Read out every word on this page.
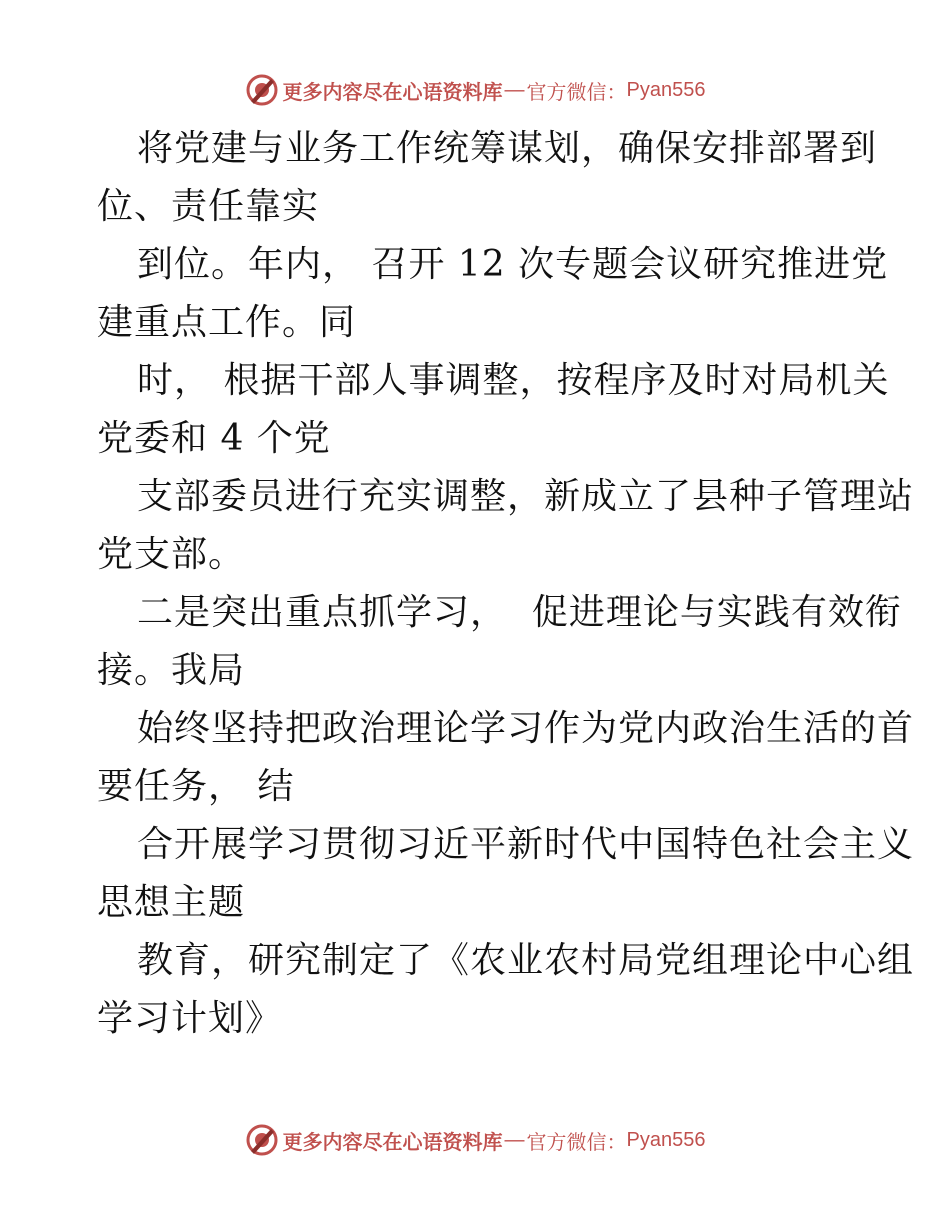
更多内容尽在心语资料库 — 官方微信： Pyan556
将党建与业务工作统筹谋划，确保安排部署到
位、责任靠实
到位。年内， 召开 12 次专题会议研究推进党
建重点工作。同
时， 根据干部人事调整，按程序及时对局机关
党委和 4 个党
支部委员进行充实调整，新成立了县种子管理站
党支部。
二是突出重点抓学习，  促进理论与实践有效衔
接。我局
始终坚持把政治理论学习作为党内政治生活的首
要任务， 结
合开展学习贯彻习近平新时代中国特色社会主义
思想主题
教育，研究制定了《农业农村局党组理论中心组
学习计划》
更多内容尽在心语资料库 — 官方微信： Pyan556
